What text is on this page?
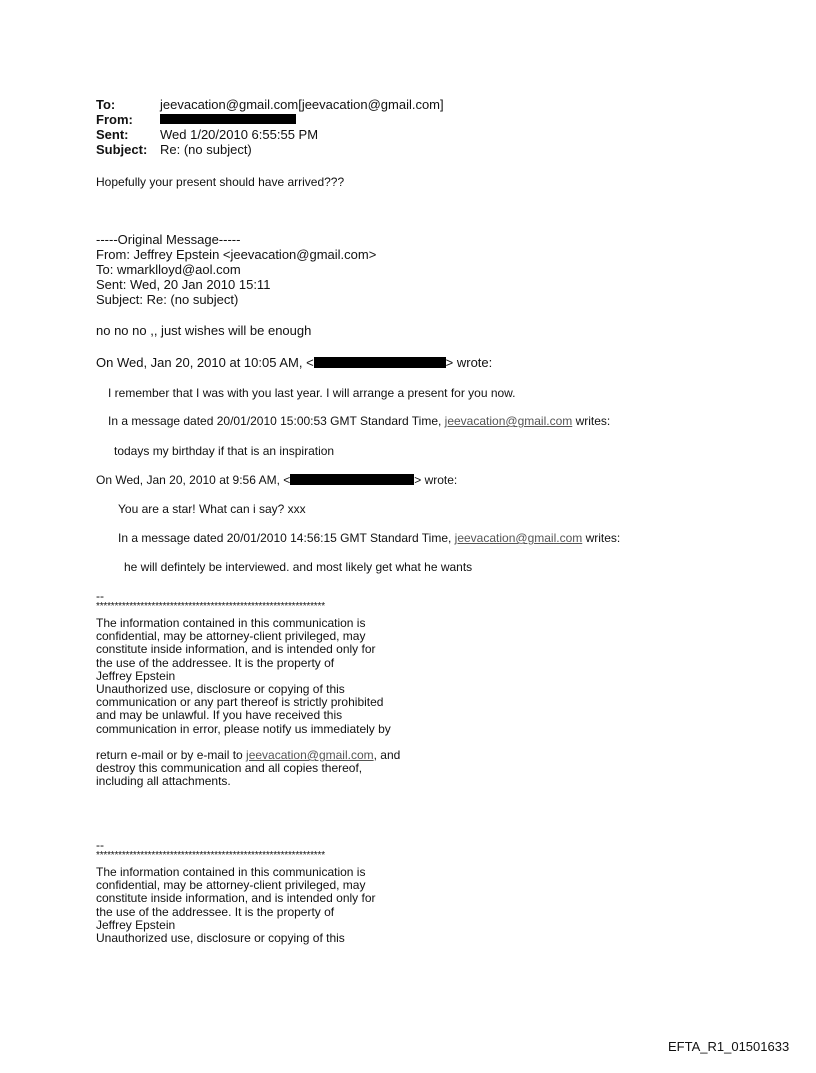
To:	jeevacation@gmail.com[jeevacation@gmail.com]
From:
Sent: Wed 1/20/2010 6:55:55 PM
Subject: Re: (no subject)
Hopefully your present should have arrived???
-----Original Message-----
From: Jeffrey Epstein <jeevacation@gmail.com>
To: wmarklloyd@aol.com
Sent: Wed, 20 Jan 2010 15:11
Subject: Re: (no subject)
no no no ,, just wishes will be enough
On Wed, Jan 20, 2010 at 10:05 AM, <	> wrote:
I remember that I was with you last year. I will arrange a present for you now.
In a message dated 20/01/2010 15:00:53 GMT Standard Time, jeevacation@gmail.com writes:
todays my birthday if that is an inspiration
On Wed, Jan 20, 2010 at 9:56 AM, <	> wrote:
You are a star! What can i say? xxx
In a message dated 20/01/2010 14:56:15 GMT Standard Time, jeevacation@gmail.com writes:
he will defintely be interviewed. and most likely get what he wants
--
**************************************************************
The information contained in this communication is
confidential, may be attorney-client privileged, may
constitute inside information, and is intended only for
the use of the addressee. It is the property of
Jeffrey Epstein
Unauthorized use, disclosure or copying of this
communication or any part thereof is strictly prohibited
and may be unlawful. If you have received this
communication in error, please notify us immediately by
return e-mail or by e-mail to jeevacation@gmail.com, and
destroy this communication and all copies thereof,
including all attachments.
--
**************************************************************
The information contained in this communication is
confidential, may be attorney-client privileged, may
constitute inside information, and is intended only for
the use of the addressee. It is the property of
Jeffrey Epstein
Unauthorized use, disclosure or copying of this
EFTA_R1_01501633
